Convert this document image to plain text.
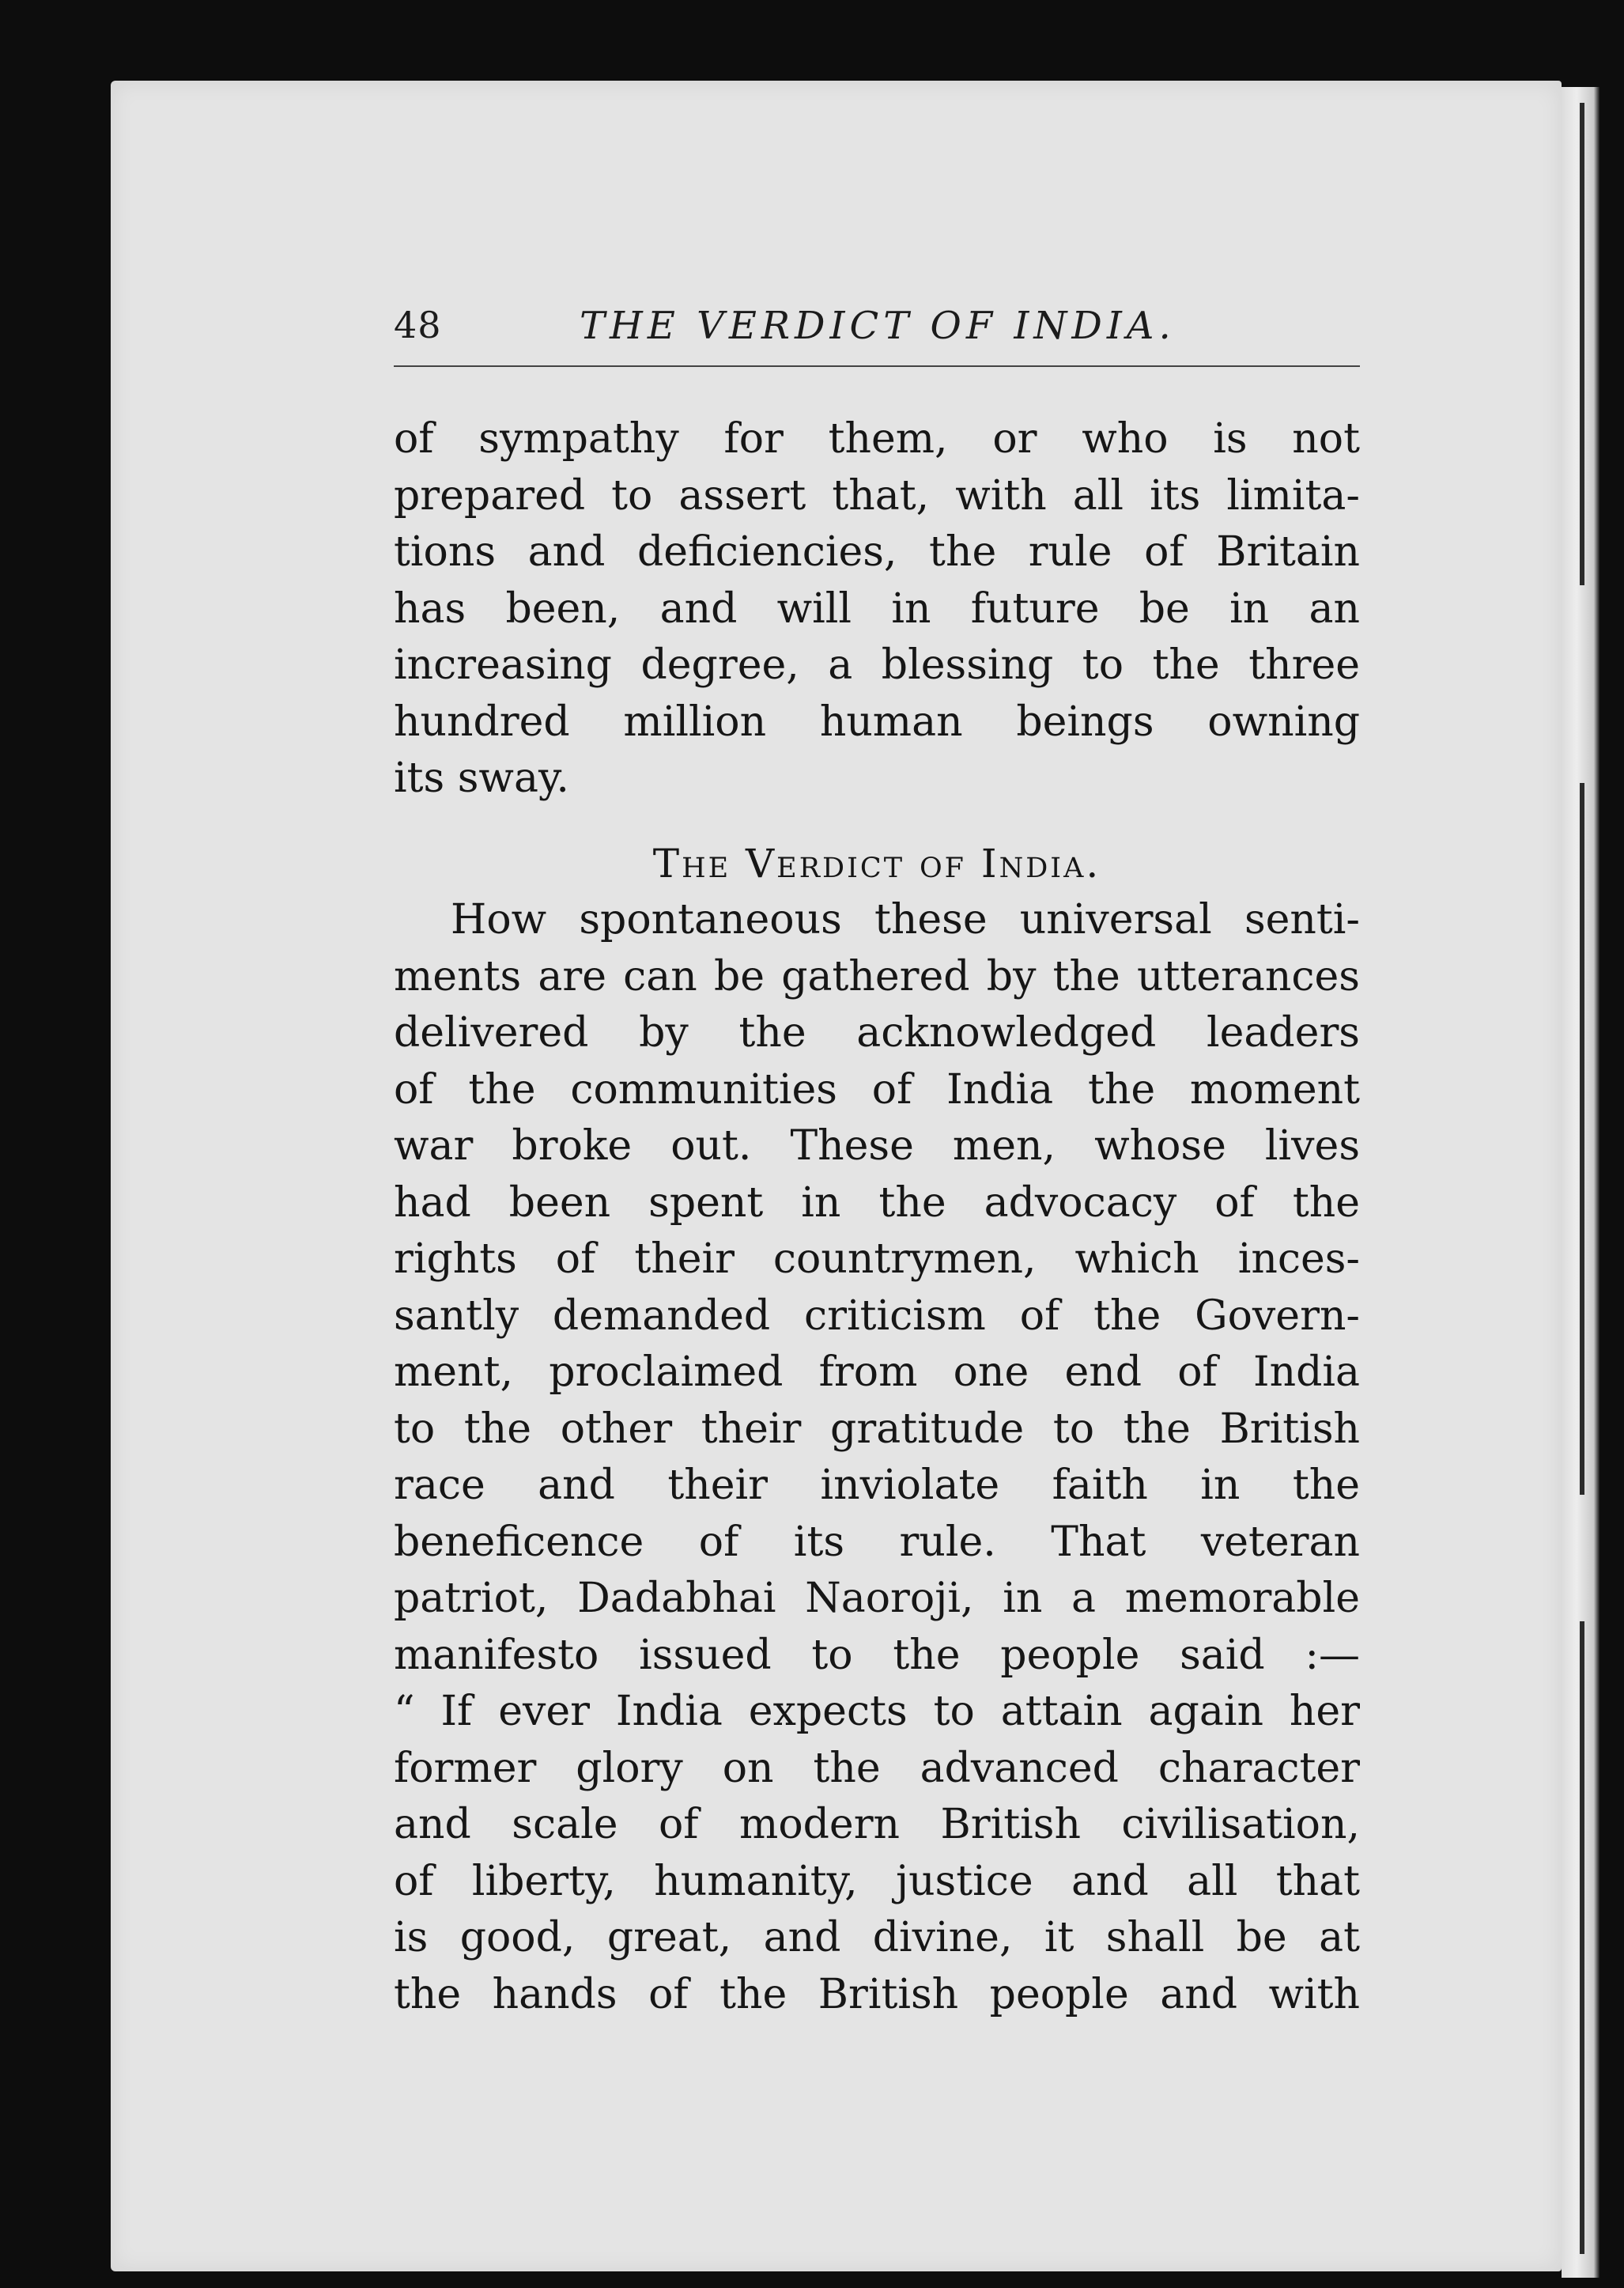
48	THE VERDICT OF INDIA.
of sympathy for them, or who is not
prepared to assert that, with all its limita-
tions and deficiencies, the rule of Britain
has been, and will in future be in an
increasing degree, a blessing to the three
hundred million human beings owning
its sway.
The Verdict of India.
How spontaneous these universal senti-
ments are can be gathered by the utterances
delivered by the acknowledged leaders
of the communities of India the moment
war broke out. These men, whose lives
had been spent in the advocacy of the
rights of their countrymen, which inces-
santly demanded criticism of the Govern-
ment, proclaimed from one end of India
to the other their gratitude to the British
race and their inviolate faith in the
beneficence of its rule. That veteran
patriot, Dadabhai Naoroji, in a memorable
manifesto issued to the people said :—
“ If ever India expects to attain again her
former glory on the advanced character
and scale of modern British civilisation,
of liberty, humanity, justice and all that
is good, great, and divine, it shall be at
the hands of the British people and with
